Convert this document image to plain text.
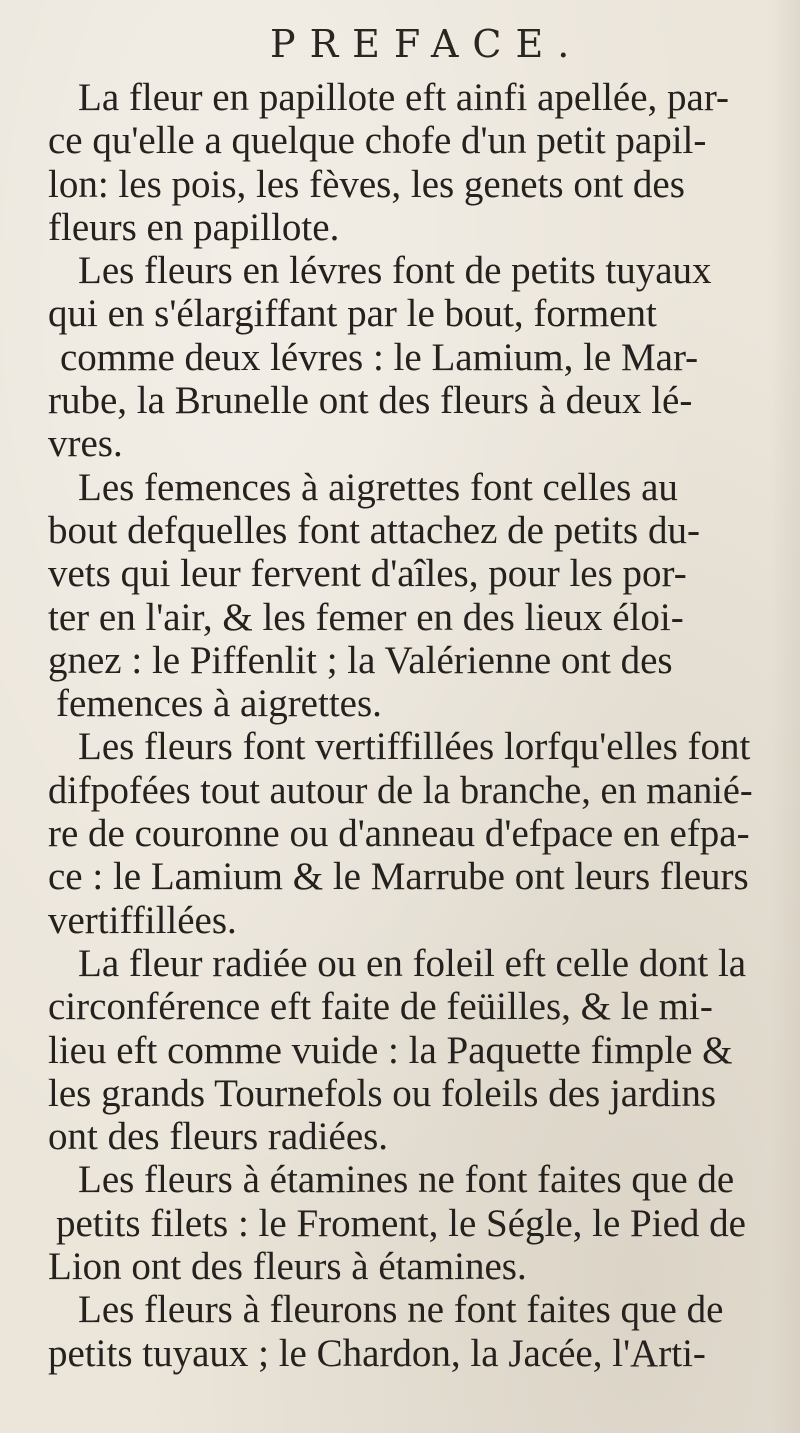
PREFACE.
La fleur en papillote eft ainfi apellée, par-
ce qu'elle a quelque chofe d'un petit papil-
lon: les pois, les fèves, les genets ont des
fleurs en papillote.
Les fleurs en lévres font de petits tuyaux
qui en s'élargiffant par le bout, forment
comme deux lévres : le Lamium, le Mar-
rube, la Brunelle ont des fleurs à deux lé-
vres.
Les femences à aigrettes font celles au
bout defquelles font attachez de petits du-
vets qui leur fervent d'aîles, pour les por-
ter en l'air, & les femer en des lieux éloi-
gnez : le Piffenlit ; la Valérienne ont des
femences à aigrettes.
Les fleurs font vertiffillées lorfqu'elles font
difpofées tout autour de la branche, en manié-
re de couronne ou d'anneau d'efpace en efpa-
ce : le Lamium & le Marrube ont leurs fleurs
vertiffillées.
La fleur radiée ou en foleil eft celle dont la
circonférence eft faite de feüilles, & le mi-
lieu eft comme vuide : la Paquette fimple &
les grands Tournefols ou foleils des jardins
ont des fleurs radiées.
Les fleurs à étamines ne font faites que de
petits filets : le Froment, le Ségle, le Pied de
Lion ont des fleurs à étamines.
Les fleurs à fleurons ne font faites que de
petits tuyaux ; le Chardon, la Jacée, l'Arti-
